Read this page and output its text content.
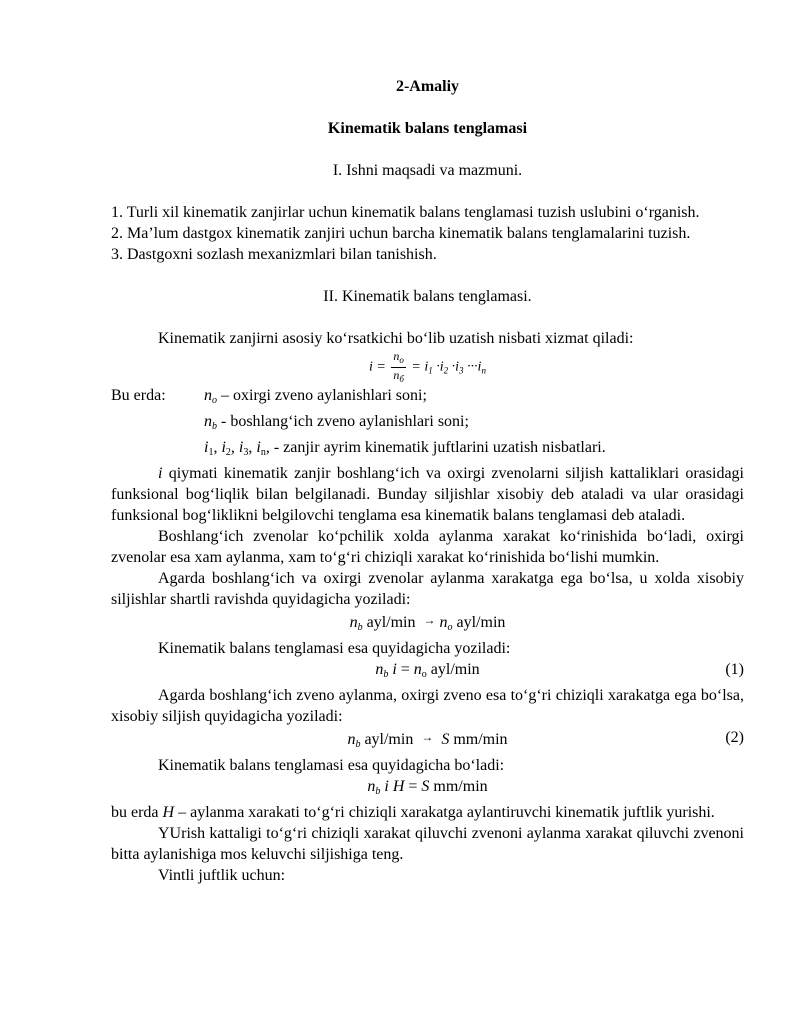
2-Amaliy

Kinematik balans tenglamasi

I. Ishni maqsadi va mazmuni.

1. Turli xil kinematik zanjirlar uchun kinematik balans tenglamasi tuzish uslubini o‘rganish.

2. Ma’lum dastgox kinematik zanjiri uchun barcha kinematik balans tenglamalarini tuzish.

3. Dastgoxni sozlash mexanizmlari bilan tanishish.

II. Kinematik balans tenglamasi.

Kinematik zanjirni asosiy ko‘rsatkichi bo‘lib uzatish nisbati xizmat qiladi:

$i = \frac{n_o}{n_б} = i_1 \cdot i_2 \cdot i_3 \cdot\cdot\cdot i_n$
Bu erda:	$n_o$ – oxirgi zveno aylanishlari soni;

$n_b$ - boshlang‘ich zveno aylanishlari soni;

$i_1$, $i_2$, $i_3$, $i_n$, - zanjir ayrim kinematik juftlarini uzatish nisbatlari.

i qiymati kinematik zanjir boshlang‘ich va oxirgi zvenolarni siljish kattaliklari orasidagi funksional bog‘liqlik bilan belgilanadi. Bunday siljishlar xisobiy deb ataladi va ular orasidagi funksional bog‘liklikni belgilovchi tenglama esa kinematik balans tenglamasi deb ataladi.

Boshlang‘ich zvenolar ko‘pchilik xolda aylanma xarakat ko‘rinishida bo‘ladi, oxirgi zvenolar esa xam aylanma, xam to‘g‘ri chiziqli xarakat ko‘rinishida bo‘lishi mumkin.

Agarda boshlang‘ich va oxirgi zvenolar aylanma xarakatga ega bo‘lsa, u xolda xisobiy siljishlar shartli ravishda quyidagicha yoziladi:

$n_b$ $ayl/\min \to n_o$ ayl/min

Kinematik balans tenglamasi esa quyidagicha yoziladi:

$n_b$ $i = n_o$ ayl/min	(1)

Agarda boshlang‘ich zveno aylanma, oxirgi zveno esa to‘g‘ri chiziqli xarakatga ega bo‘lsa, xisobiy siljish quyidagicha yoziladi:

$n_b$ ayl/min → S mm/min	(2)

Kinematik balans tenglamasi esa quyidagicha bo‘ladi:

$n_b$ i H = S mm/min

bu erda H – aylanma xarakati to‘g‘ri chiziqli xarakatga aylantiruvchi kinematik juftlik yurishi.

YUrish kattaligi to‘g‘ri chiziqli xarakat qiluvchi zvenoni aylanma xarakat qiluvchi zvenoni bitta aylanishiga mos keluvchi siljishiga teng.

Vintli juftlik uchun:
